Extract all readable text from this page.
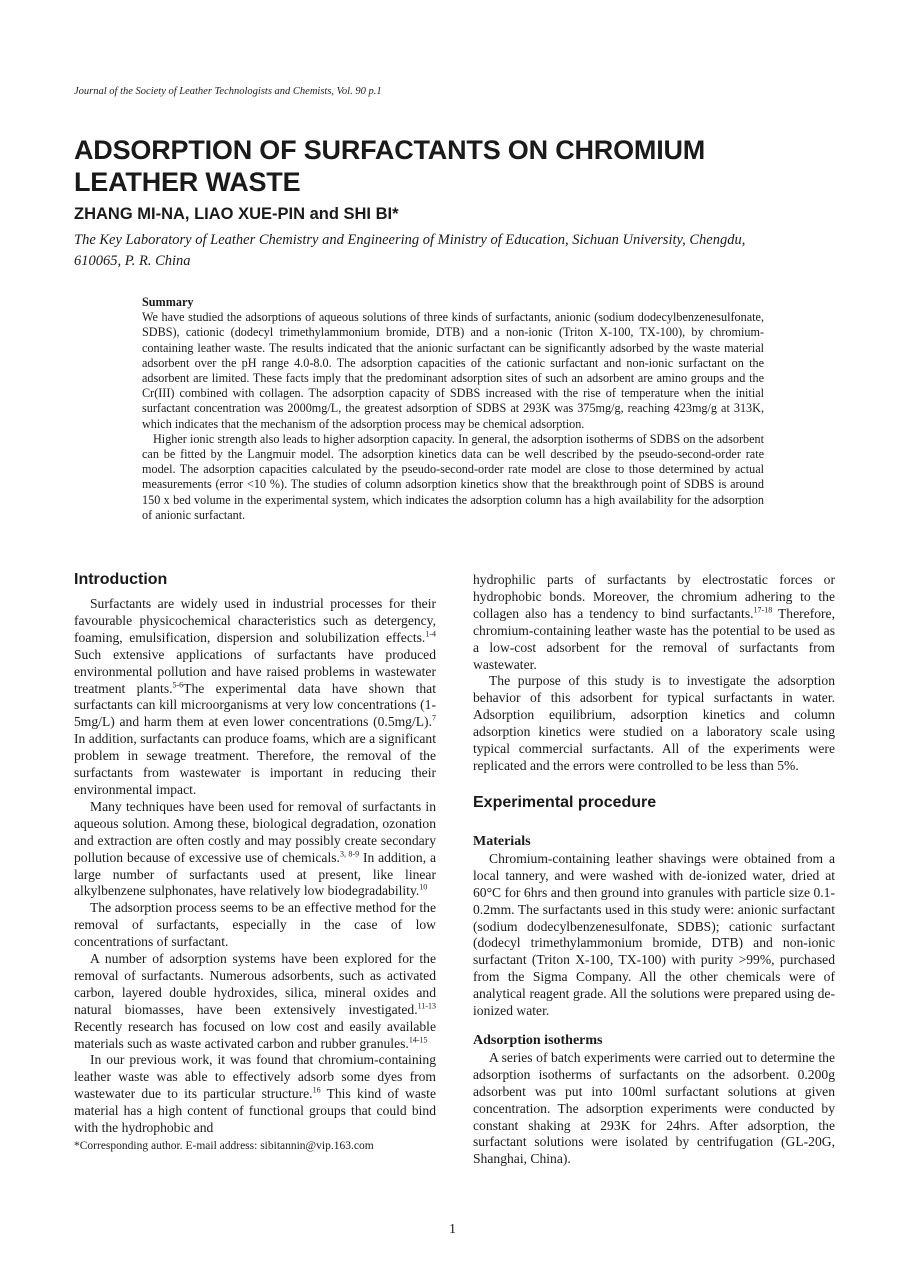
Journal of the Society of Leather Technologists and Chemists, Vol. 90 p.1
ADSORPTION OF SURFACTANTS ON CHROMIUM LEATHER WASTE
ZHANG MI-NA, LIAO XUE-PIN and SHI BI*
The Key Laboratory of Leather Chemistry and Engineering of Ministry of Education, Sichuan University, Chengdu, 610065, P. R. China
Summary

We have studied the adsorptions of aqueous solutions of three kinds of surfactants, anionic (sodium dodecylbenzenesulfonate, SDBS), cationic (dodecyl trimethylammonium bromide, DTB) and a non-ionic (Triton X-100, TX-100), by chromium-containing leather waste. The results indicated that the anionic surfactant can be significantly adsorbed by the waste material adsorbent over the pH range 4.0-8.0. The adsorption capacities of the cationic surfactant and non-ionic surfactant on the adsorbent are limited. These facts imply that the predominant adsorption sites of such an adsorbent are amino groups and the Cr(III) combined with collagen. The adsorption capacity of SDBS increased with the rise of temperature when the initial surfactant concentration was 2000mg/L, the greatest adsorption of SDBS at 293K was 375mg/g, reaching 423mg/g at 313K, which indicates that the mechanism of the adsorption process may be chemical adsorption.

Higher ionic strength also leads to higher adsorption capacity. In general, the adsorption isotherms of SDBS on the adsorbent can be fitted by the Langmuir model. The adsorption kinetics data can be well described by the pseudo-second-order rate model. The adsorption capacities calculated by the pseudo-second-order rate model are close to those determined by actual measurements (error <10 %). The studies of column adsorption kinetics show that the breakthrough point of SDBS is around 150 x bed volume in the experimental system, which indicates the adsorption column has a high availability for the adsorption of anionic surfactant.

Introduction

Surfactants are widely used in industrial processes for their favourable physicochemical characteristics such as detergency, foaming, emulsification, dispersion and solubilization effects.$^{1-4}$ Such extensive applications of surfactants have produced environmental pollution and have raised problems in wastewater treatment plants.$^{5-6}$The experimental data have shown that surfactants can kill microorganisms at very low concentrations (1-5mg/L) and harm them at even lower concentrations (0.5mg/L).$^7$ In addition, surfactants can produce foams, which are a significant problem in sewage treatment. Therefore, the removal of the surfactants from wastewater is important in reducing their environmental impact.

Many techniques have been used for removal of surfactants in aqueous solution. Among these, biological degradation, ozonation and extraction are often costly and may possibly create secondary pollution because of excessive use of chemicals.$^{3, 8-9}$ In addition, a large number of surfactants used at present, like linear alkylbenzene sulphonates, have relatively low biodegradability.$^{10}$

The adsorption process seems to be an effective method for the removal of surfactants, especially in the case of low concentrations of surfactant.

A number of adsorption systems have been explored for the removal of surfactants. Numerous adsorbents, such as activated carbon, layered double hydroxides, silica, mineral oxides and natural biomasses, have been extensively investigated.$^{11-13}$ Recently research has focused on low cost and easily available materials such as waste activated carbon and rubber granules.$^{14-15}$

In our previous work, it was found that chromium-containing leather waste was able to effectively adsorb some dyes from wastewater due to its particular structure.$^{16}$ This kind of waste material has a high content of functional groups that could bind with the hydrophobic and

*Corresponding author. E-mail address: sibitannin@vip.163.com

hydrophilic parts of surfactants by electrostatic forces or hydrophobic bonds. Moreover, the chromium adhering to the collagen also has a tendency to bind surfactants.$^{17-18}$ Therefore, chromium-containing leather waste has the potential to be used as a low-cost adsorbent for the removal of surfactants from wastewater.

The purpose of this study is to investigate the adsorption behavior of this adsorbent for typical surfactants in water. Adsorption equilibrium, adsorption kinetics and column adsorption kinetics were studied on a laboratory scale using typical commercial surfactants. All of the experiments were replicated and the errors were controlled to be less than 5%.

Experimental procedure
Materials

Chromium-containing leather shavings were obtained from a local tannery, and were washed with de-ionized water, dried at 60°C for 6hrs and then ground into granules with particle size 0.1-0.2mm. The surfactants used in this study were: anionic surfactant (sodium dodecylbenzenesulfonate, SDBS); cationic surfactant (dodecyl trimethylammonium bromide, DTB) and non-ionic surfactant (Triton X-100, TX-100) with purity >99%, purchased from the Sigma Company. All the other chemicals were of analytical reagent grade. All the solutions were prepared using de-ionized water.

Adsorption isotherms

A series of batch experiments were carried out to determine the adsorption isotherms of surfactants on the adsorbent. 0.200g adsorbent was put into 100ml surfactant solutions at given concentration. The adsorption experiments were conducted by constant shaking at 293K for 24hrs. After adsorption, the surfactant solutions were isolated by centrifugation (GL-20G, Shanghai, China).

1
